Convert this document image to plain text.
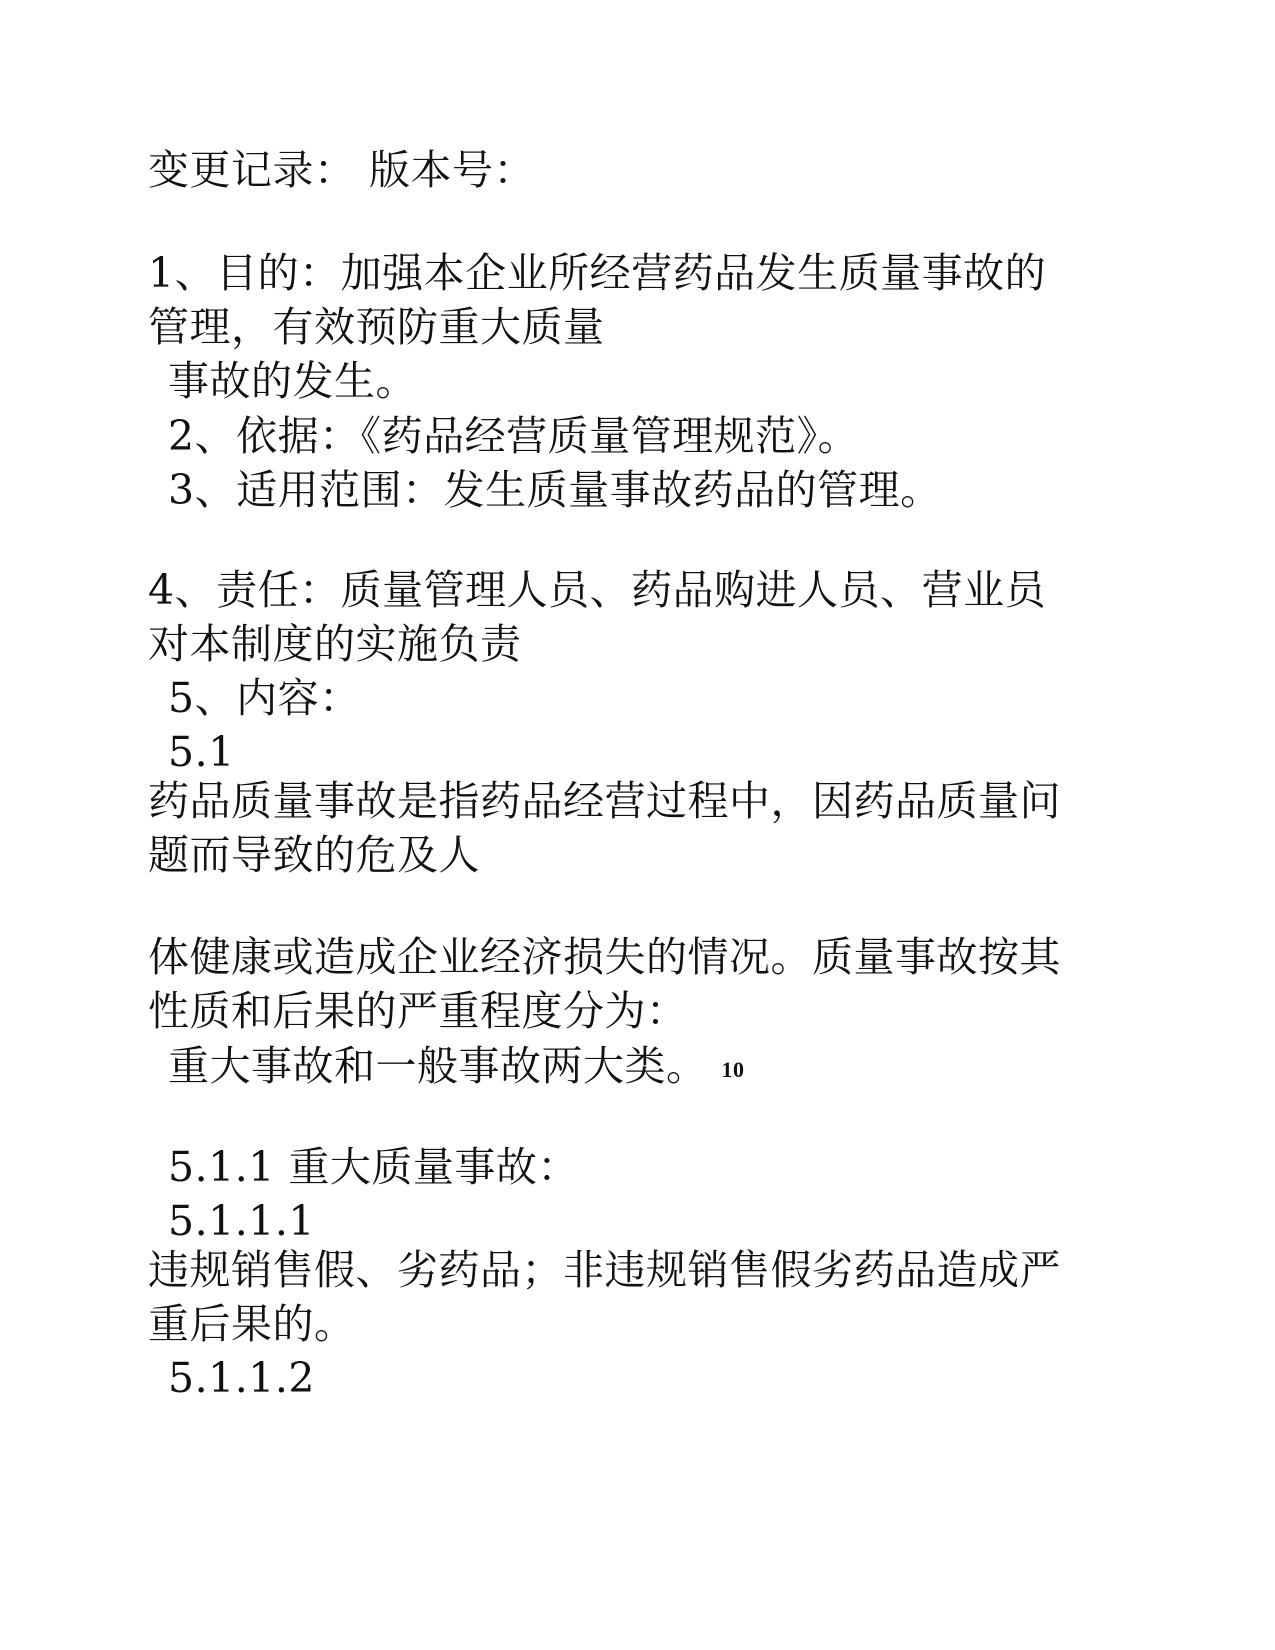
变更记录： 版本号：
1、目的：加强本企业所经营药品发生质量事故的
管理，有效预防重大质量
事故的发生。
2、依据：《药品经营质量管理规范》。
3、适用范围：发生质量事故药品的管理。
4、责任：质量管理人员、药品购进人员、营业员
对本制度的实施负责
5、内容：
5.1
药品质量事故是指药品经营过程中，因药品质量问
题而导致的危及人
体健康或造成企业经济损失的情况。质量事故按其
性质和后果的严重程度分为：
重大事故和一般事故两大类。 10
5.1.1 重大质量事故：
5.1.1.1
违规销售假、劣药品；非违规销售假劣药品造成严
重后果的。
5.1.1.2
